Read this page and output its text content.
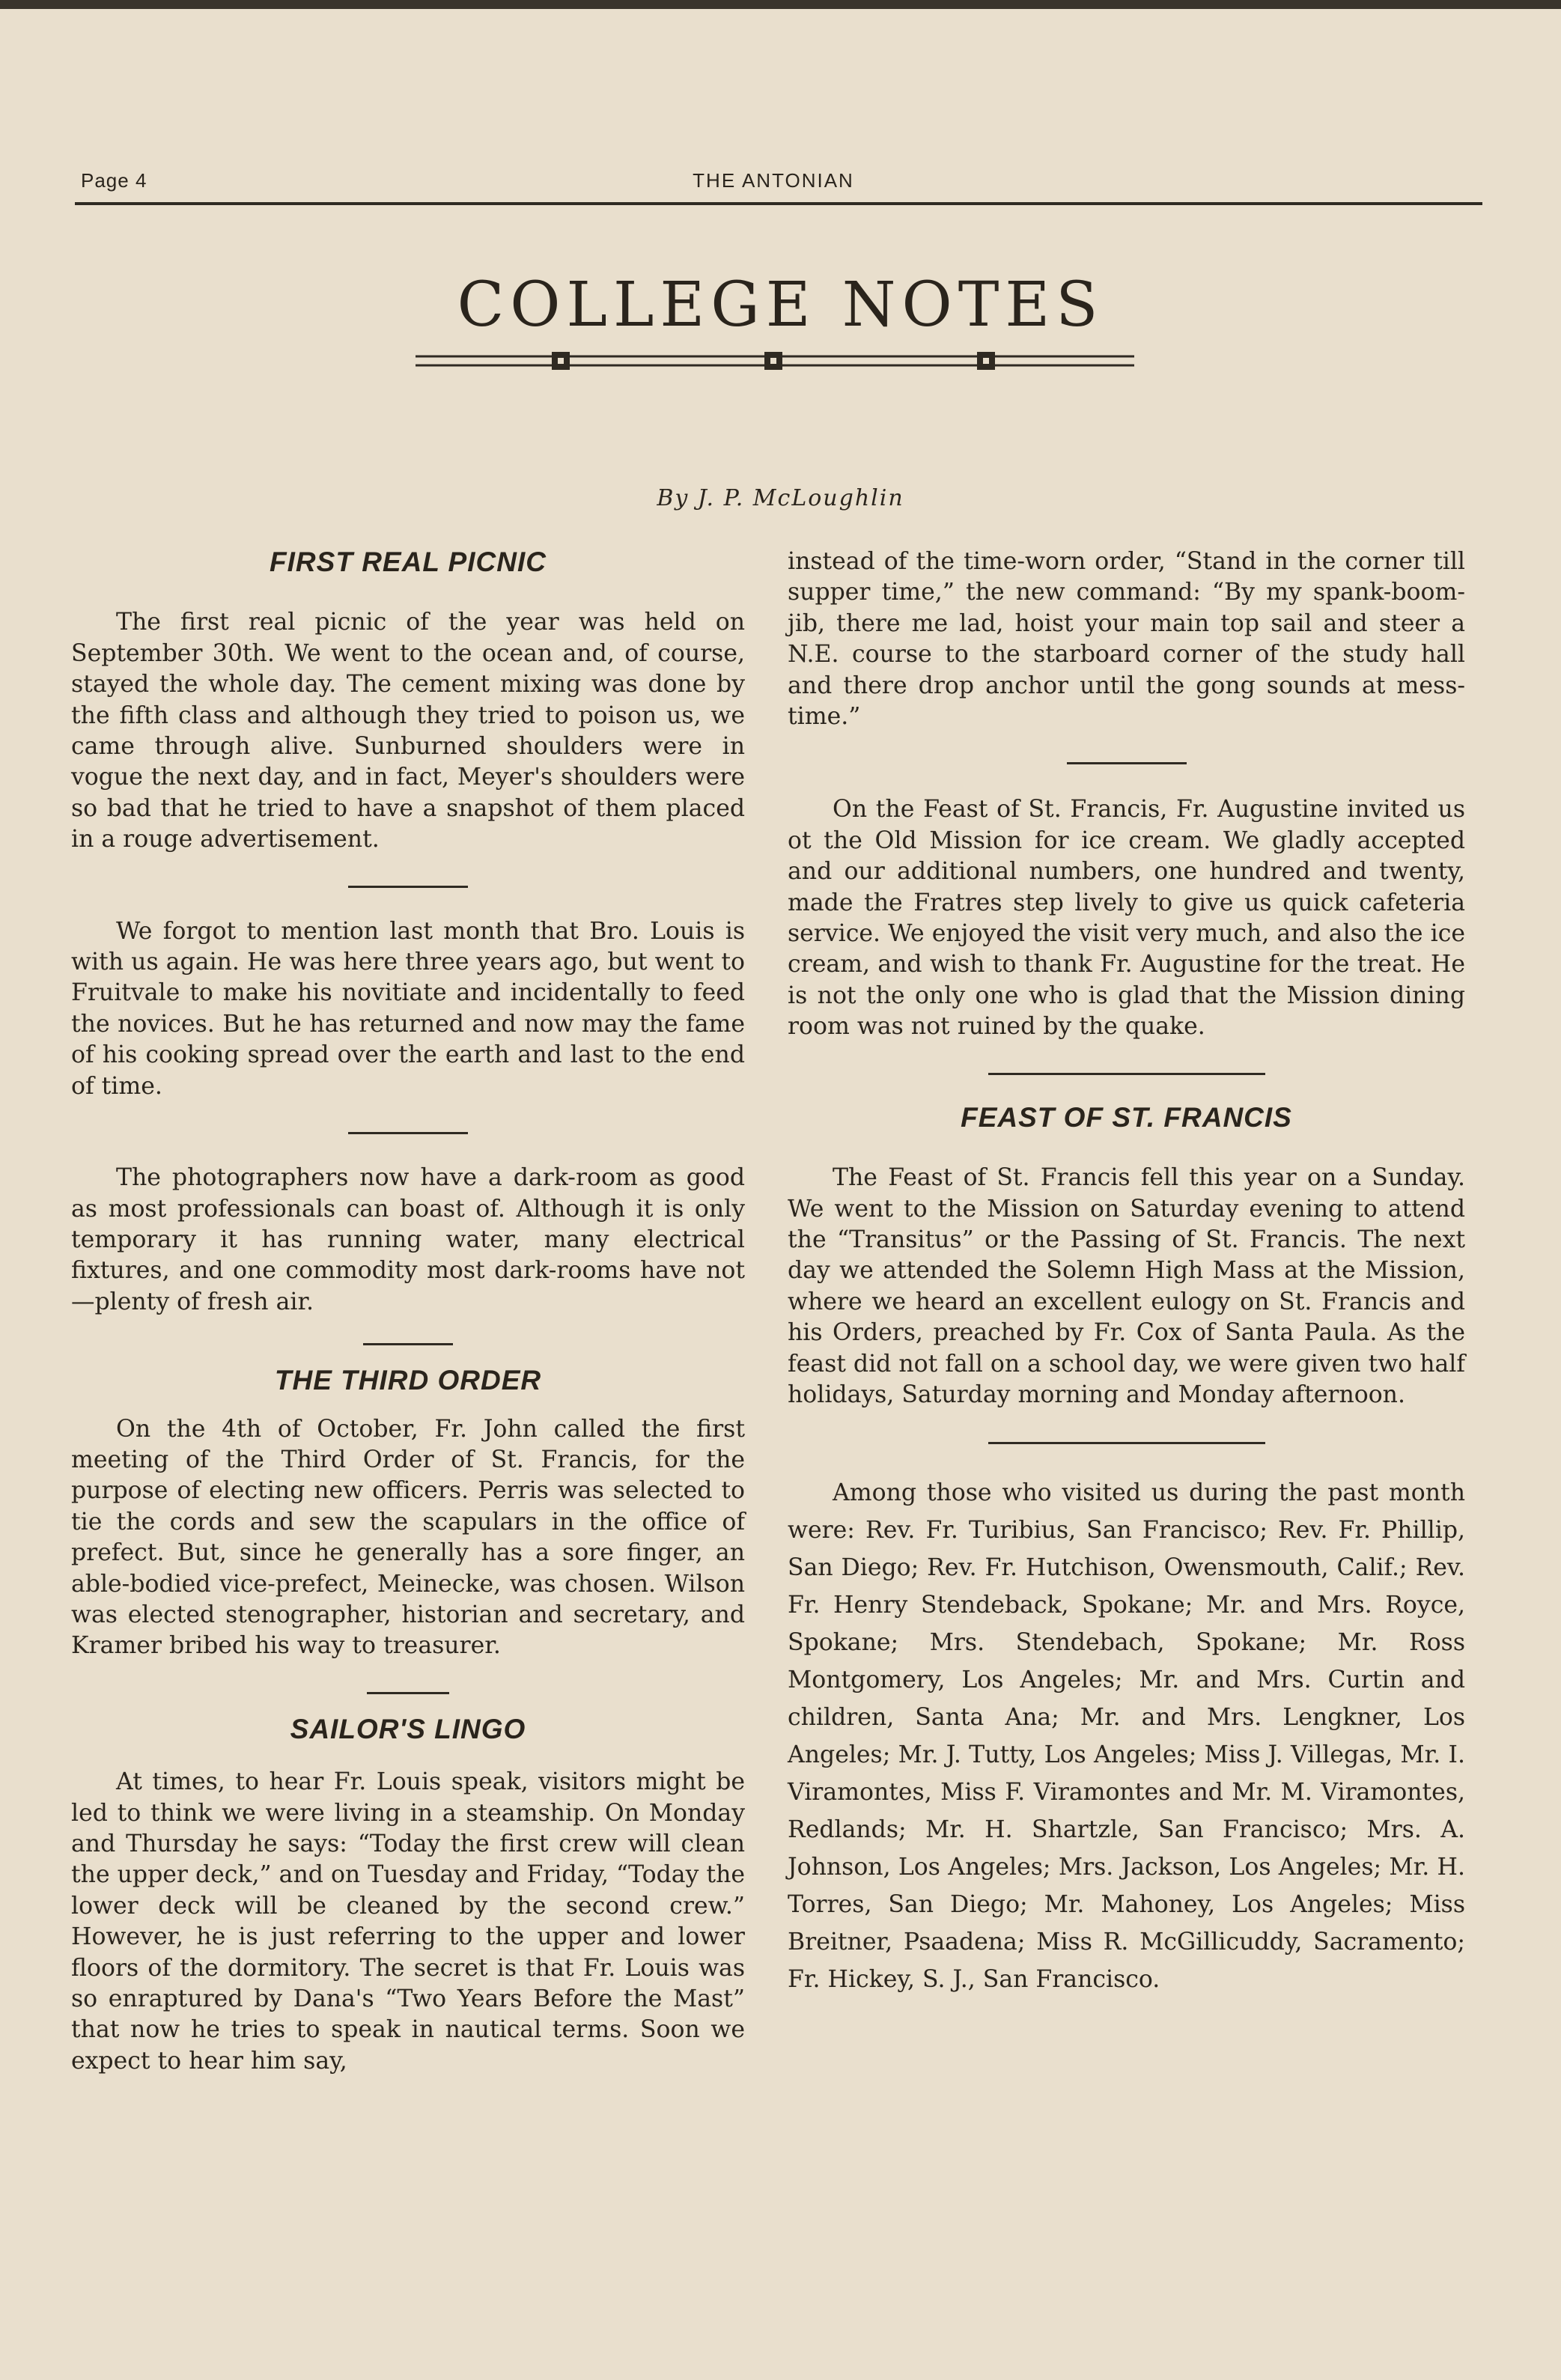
Page 4	THE ANTONIAN
COLLEGE NOTES
By J. P. McLoughlin
FIRST REAL PICNIC

The first real picnic of the year was held on September 30th. We went to the ocean and, of course, stayed the whole day. The cement mixing was done by the fifth class and although they tried to poison us, we came through alive. Sunburned shoulders were in vogue the next day, and in fact, Meyer's shoulders were so bad that he tried to have a snapshot of them placed in a rouge advertisement.

We forgot to mention last month that Bro. Louis is with us again. He was here three years ago, but went to Fruitvale to make his novitiate and incidentally to feed the novices. But he has returned and now may the fame of his cooking spread over the earth and last to the end of time.

The photographers now have a dark-room as good as most professionals can boast of. Although it is only temporary it has running water, many electrical fixtures, and one commodity most dark-rooms have not—plenty of fresh air.

THE THIRD ORDER

On the 4th of October, Fr. John called the first meeting of the Third Order of St. Francis, for the purpose of electing new officers. Perris was selected to tie the cords and sew the scapulars in the office of prefect. But, since he generally has a sore finger, an able-bodied vice-prefect, Meinecke, was chosen. Wilson was elected stenographer, historian and secretary, and Kramer bribed his way to treasurer.

SAILOR'S LINGO

At times, to hear Fr. Louis speak, visitors might be led to think we were living in a steamship. On Monday and Thursday he says: “Today the first crew will clean the upper deck,” and on Tuesday and Friday, “Today the lower deck will be cleaned by the second crew.” However, he is just referring to the upper and lower floors of the dormitory. The secret is that Fr. Louis was so enraptured by Dana's “Two Years Before the Mast” that now he tries to speak in nautical terms. Soon we expect to hear him say,

instead of the time-worn order, “Stand in the corner till supper time,” the new command: “By my spank-boom-jib, there me lad, hoist your main top sail and steer a N.E. course to the starboard corner of the study hall and there drop anchor until the gong sounds at mess-time.”

On the Feast of St. Francis, Fr. Augustine invited us ot the Old Mission for ice cream. We gladly accepted and our additional numbers, one hundred and twenty, made the Fratres step lively to give us quick cafeteria service. We enjoyed the visit very much, and also the ice cream, and wish to thank Fr. Augustine for the treat. He is not the only one who is glad that the Mission dining room was not ruined by the quake.

FEAST OF ST. FRANCIS

The Feast of St. Francis fell this year on a Sunday. We went to the Mission on Saturday evening to attend the “Transitus” or the Passing of St. Francis. The next day we attended the Solemn High Mass at the Mission, where we heard an excellent eulogy on St. Francis and his Orders, preached by Fr. Cox of Santa Paula. As the feast did not fall on a school day, we were given two half holidays, Saturday morning and Monday afternoon.

Among those who visited us during the past month were: Rev. Fr. Turibius, San Francisco; Rev. Fr. Phillip, San Diego; Rev. Fr. Hutchison, Owensmouth, Calif.; Rev. Fr. Henry Stendeback, Spokane; Mr. and Mrs. Royce, Spokane; Mrs. Stendebach, Spokane; Mr. Ross Montgomery, Los Angeles; Mr. and Mrs. Curtin and children, Santa Ana; Mr. and Mrs. Lengkner, Los Angeles; Mr. J. Tutty, Los Angeles; Miss J. Villegas, Mr. I. Viramontes, Miss F. Viramontes and Mr. M. Viramontes, Redlands; Mr. H. Shartzle, San Francisco; Mrs. A. Johnson, Los Angeles; Mrs. Jackson, Los Angeles; Mr. H. Torres, San Diego; Mr. Mahoney, Los Angeles; Miss Breitner, Psaadena; Miss R. McGillicuddy, Sacramento; Fr. Hickey, S. J., San Francisco.
